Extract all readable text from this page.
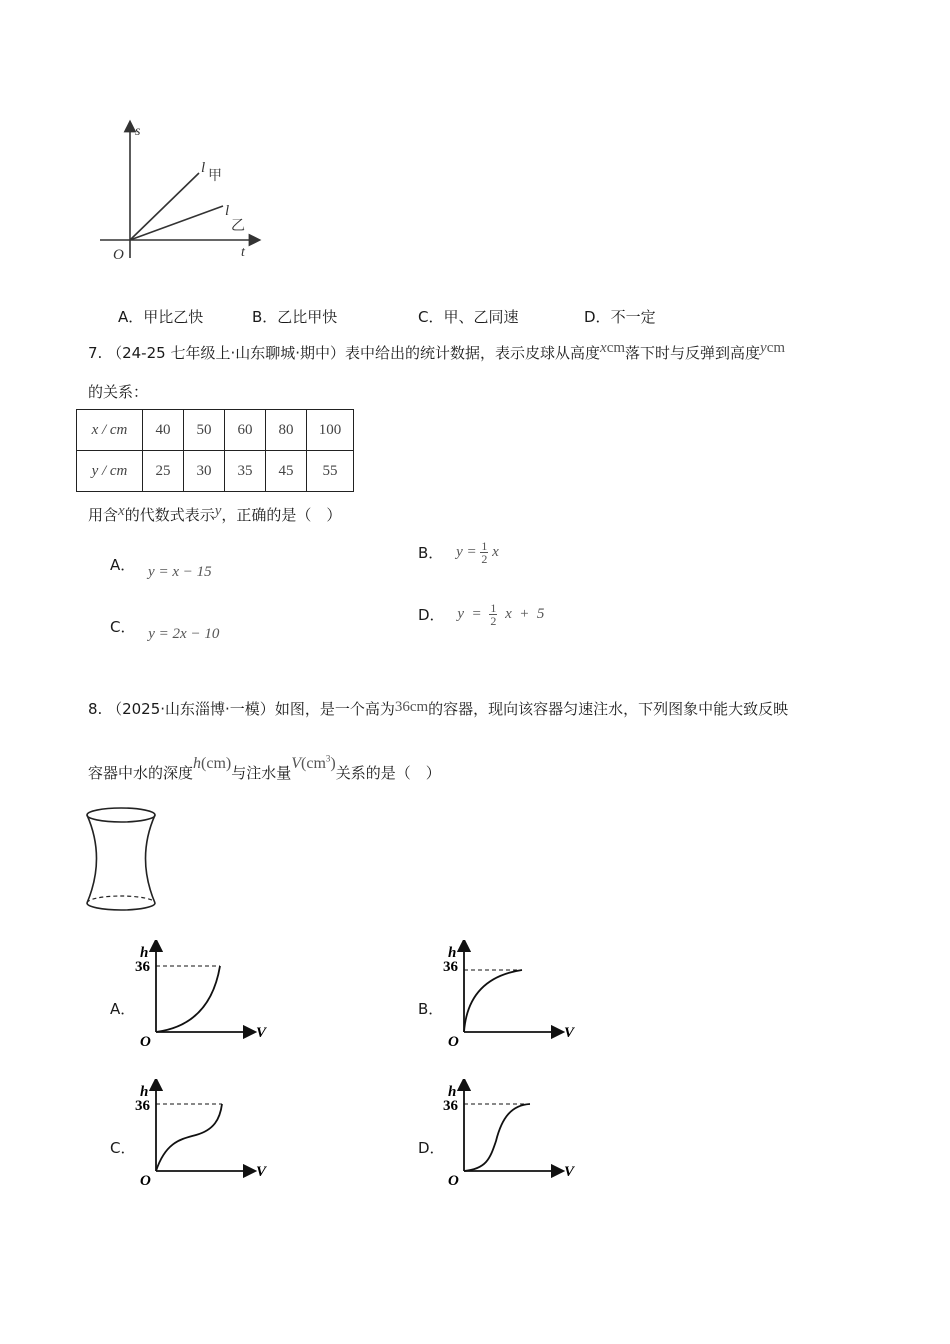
s
t
O
l
甲
l
乙
A．甲比乙快	B．乙比甲快	C．甲、乙同速	D．不一定
7. （24-25 七年级上·山东聊城·期中）表中给出的统计数据，表示皮球从高度xcm落下时与反弹到高度ycm
的关系：
x / cm	40	50	60	80	100
y / cm	25	30	35	45	55
用含x的代数式表示y，正确的是（　）
A． y = x − 15
B． $y = \frac{1}{2}$ x
C． y = 2x − 10
D． $y = \frac{1}{2}$ x  +  5
8. （2025·山东淄博·一模）如图，是一个高为36cm的容器，现向该容器匀速注水，下列图象中能大致反映
容器中水的深度h(cm)与注水量$V(cm^3)$关系的是（　）
A．
h
36
V
O
B．
h
36
V
O
C．
h
36
V
O
D．
h
36
V
O
